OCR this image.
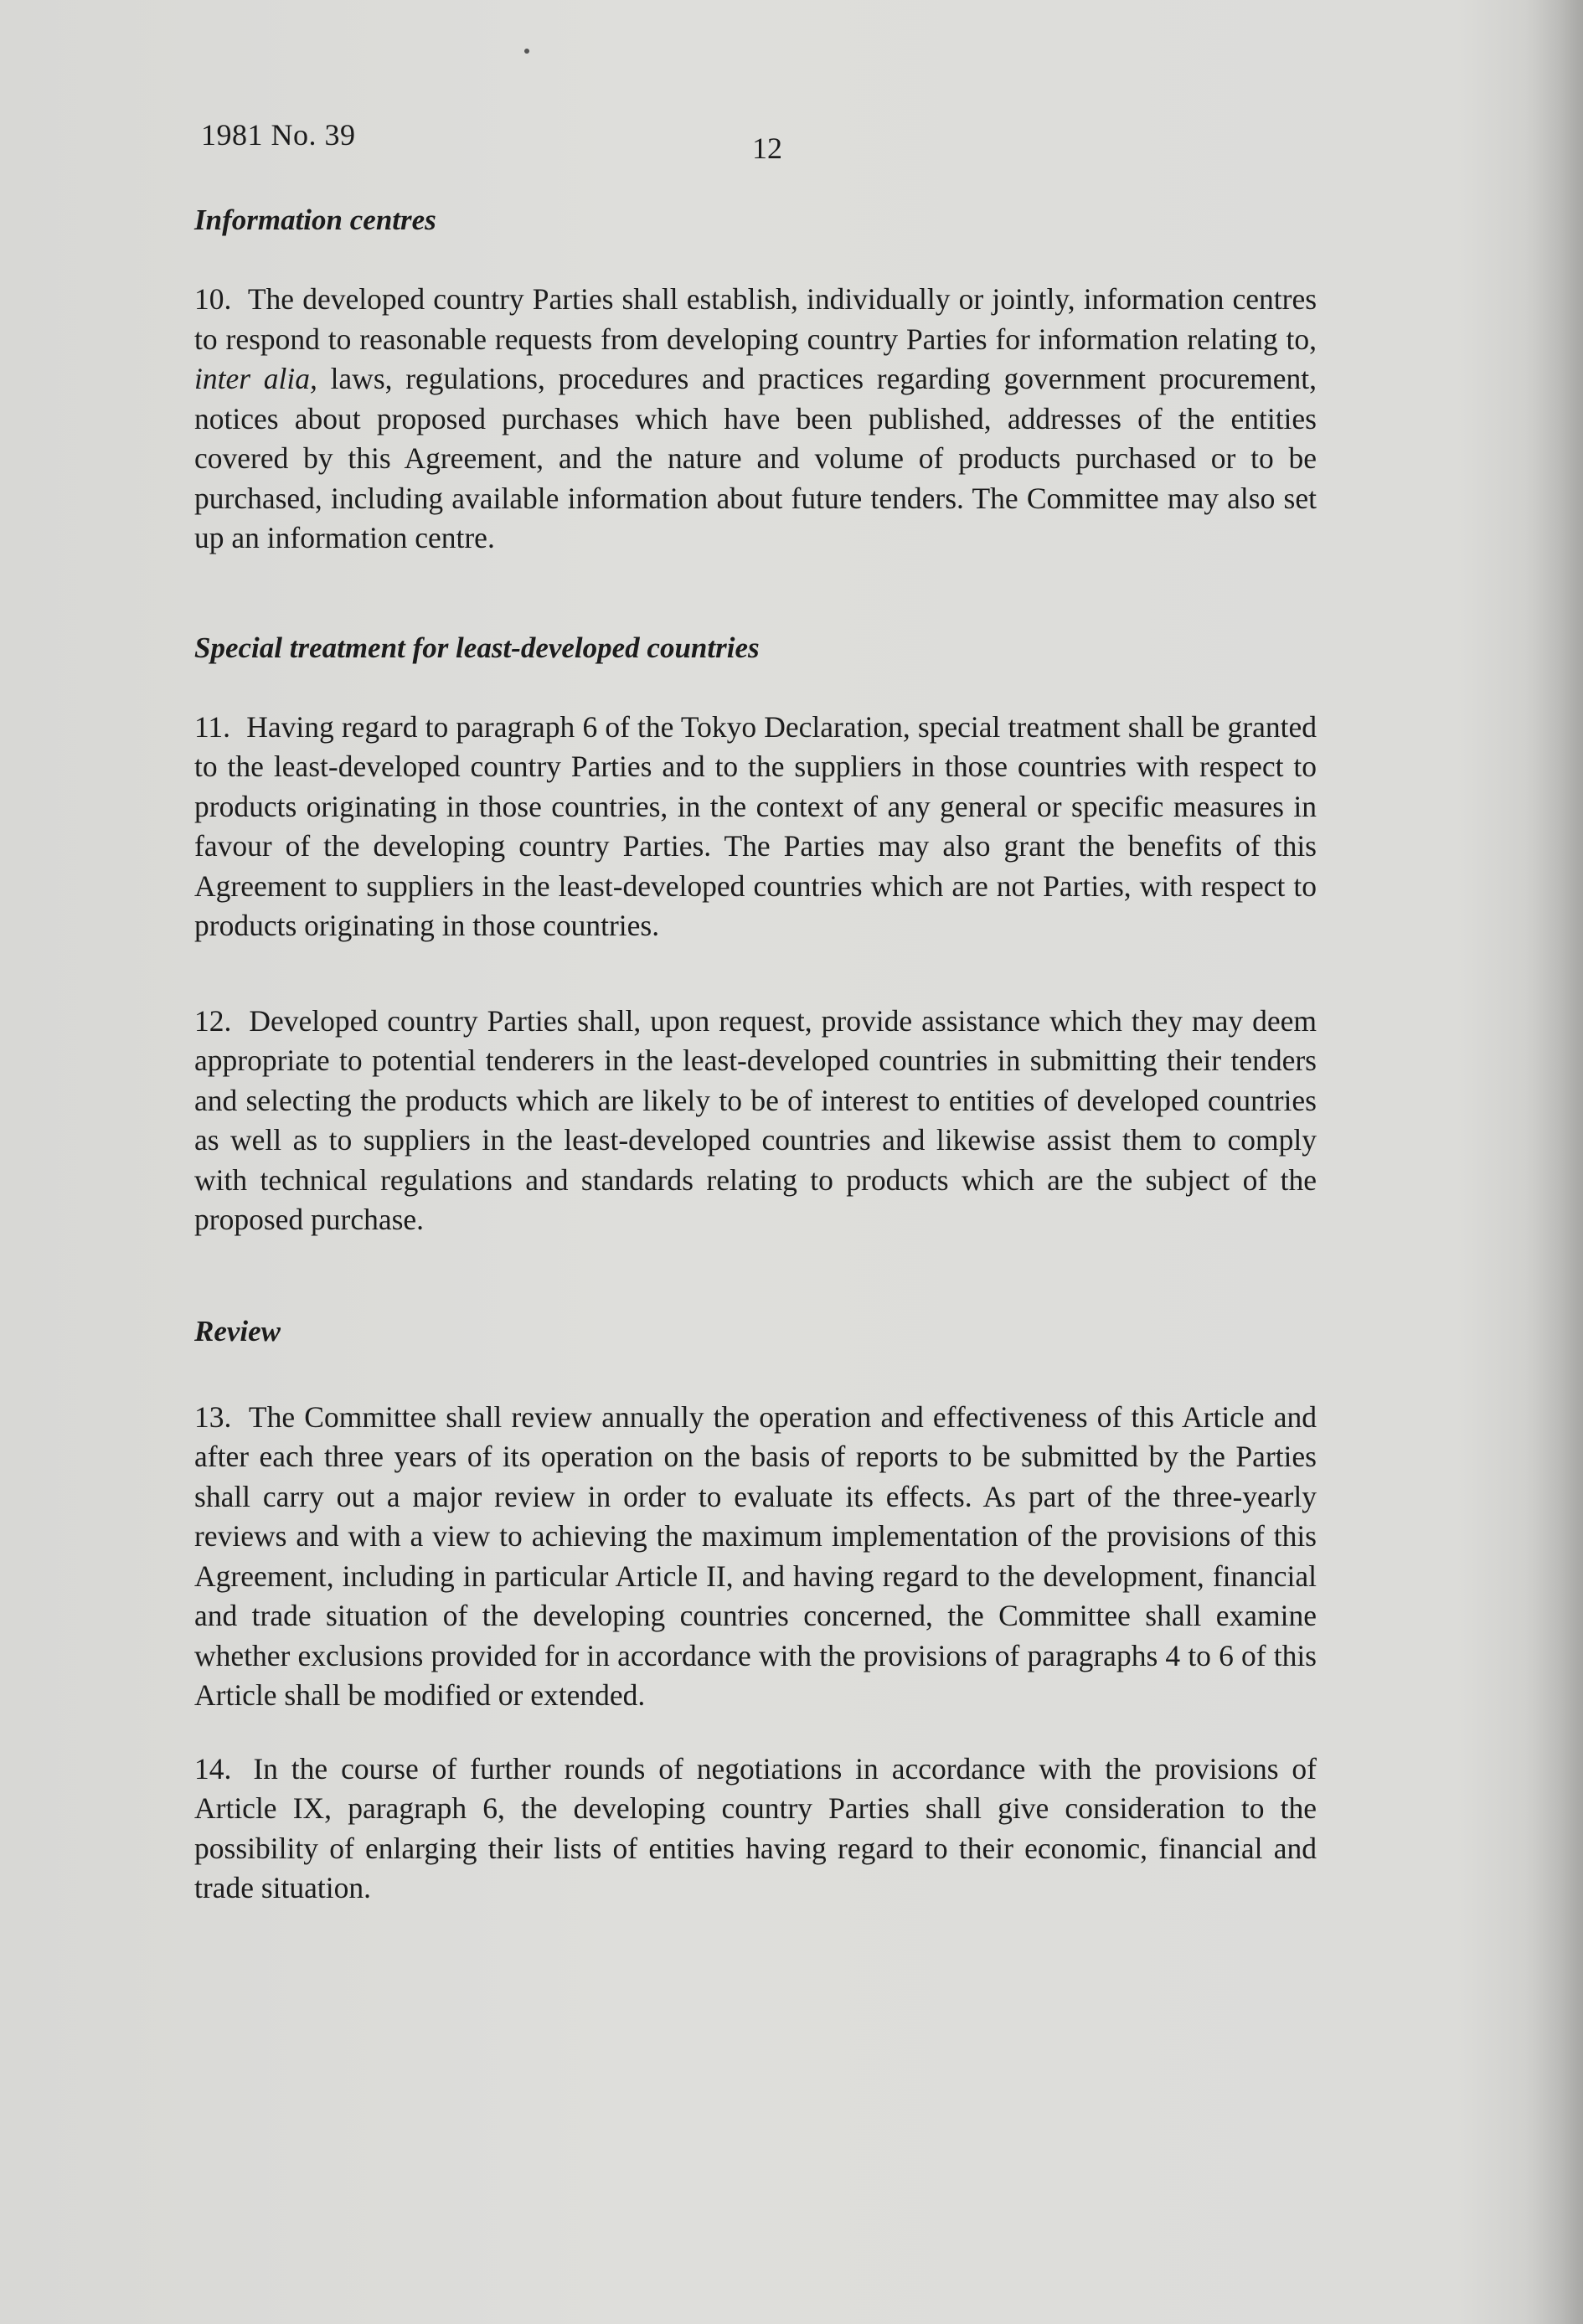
1981 No. 39	12
Information centres

10. The developed country Parties shall establish, individually or jointly, information centres to respond to reasonable requests from developing country Parties for information relating to, inter alia, laws, regulations, procedures and practices regarding government procurement, notices about proposed purchases which have been published, addresses of the entities covered by this Agreement, and the nature and volume of products purchased or to be purchased, including available information about future tenders. The Committee may also set up an information centre.

Special treatment for least-developed countries

11. Having regard to paragraph 6 of the Tokyo Declaration, special treatment shall be granted to the least-developed country Parties and to the suppliers in those countries with respect to products originating in those countries, in the context of any general or specific measures in favour of the developing country Parties. The Parties may also grant the benefits of this Agreement to suppliers in the least-developed countries which are not Parties, with respect to products originating in those countries.

12. Developed country Parties shall, upon request, provide assistance which they may deem appropriate to potential tenderers in the least-developed countries in submitting their tenders and selecting the products which are likely to be of interest to entities of developed countries as well as to suppliers in the least-developed countries and likewise assist them to comply with technical regulations and standards relating to products which are the subject of the proposed purchase.

Review

13. The Committee shall review annually the operation and effectiveness of this Article and after each three years of its operation on the basis of reports to be submitted by the Parties shall carry out a major review in order to evaluate its effects. As part of the three-yearly reviews and with a view to achieving the maximum implementation of the provisions of this Agreement, including in particular Article II, and having regard to the development, financial and trade situation of the developing countries concerned, the Committee shall examine whether exclusions provided for in accordance with the provisions of paragraphs 4 to 6 of this Article shall be modified or extended.

14. In the course of further rounds of negotiations in accordance with the provisions of Article IX, paragraph 6, the developing country Parties shall give consideration to the possibility of enlarging their lists of entities having regard to their economic, financial and trade situation.
